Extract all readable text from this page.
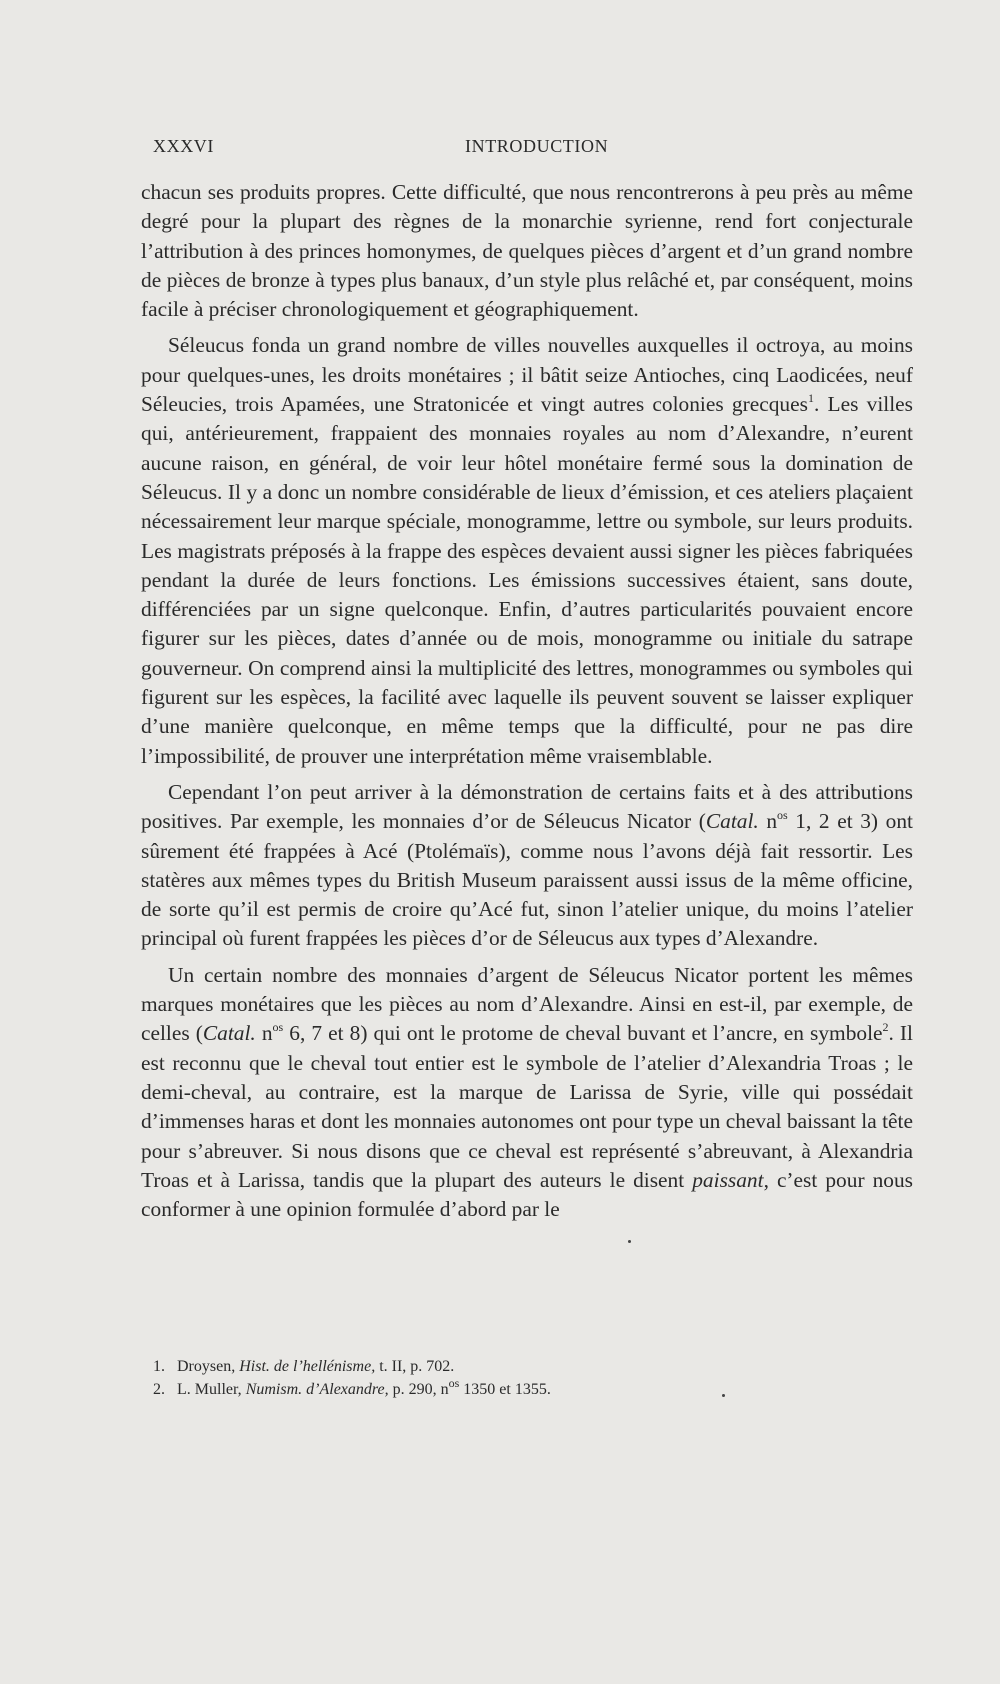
XXXVI	INTRODUCTION

chacun ses produits propres. Cette difficulté, que nous rencontrerons à peu près au même degré pour la plupart des règnes de la monarchie syrienne, rend fort conjecturale l’attribution à des princes homonymes, de quelques pièces d’argent et d’un grand nombre de pièces de bronze à types plus banaux, d’un style plus relâché et, par conséquent, moins facile à préciser chronologiquement et géographiquement.

Séleucus fonda un grand nombre de villes nouvelles auxquelles il octroya, au moins pour quelques-unes, les droits monétaires ; il bâtit seize Antioches, cinq Laodicées, neuf Séleucies, trois Apamées, une Stratonicée et vingt autres colonies grecques$^1$. Les villes qui, antérieurement, frappaient des monnaies royales au nom d’Alexandre, n’eurent aucune raison, en général, de voir leur hôtel monétaire fermé sous la domination de Séleucus. Il y a donc un nombre considérable de lieux d’émission, et ces ateliers plaçaient nécessairement leur marque spéciale, monogramme, lettre ou symbole, sur leurs produits. Les magistrats préposés à la frappe des espèces devaient aussi signer les pièces fabriquées pendant la durée de leurs fonctions. Les émissions successives étaient, sans doute, différenciées par un signe quelconque. Enfin, d’autres particularités pouvaient encore figurer sur les pièces, dates d’année ou de mois, monogramme ou initiale du satrape gouverneur. On comprend ainsi la multiplicité des lettres, monogrammes ou symboles qui figurent sur les espèces, la facilité avec laquelle ils peuvent souvent se laisser expliquer d’une manière quelconque, en même temps que la difficulté, pour ne pas dire l’impossibilité, de prouver une interprétation même vraisemblable.

Cependant l’on peut arriver à la démonstration de certains faits et à des attributions positives. Par exemple, les monnaies d’or de Séleucus Nicator (Catal. $n^{os}$ 1, 2 et 3) ont sûrement été frappées à Acé (Ptolémaïs), comme nous l’avons déjà fait ressortir. Les statères aux mêmes types du British Museum paraissent aussi issus de la même officine, de sorte qu’il est permis de croire qu’Acé fut, sinon l’atelier unique, du moins l’atelier principal où furent frappées les pièces d’or de Séleucus aux types d’Alexandre.

Un certain nombre des monnaies d’argent de Séleucus Nicator portent les mêmes marques monétaires que les pièces au nom d’Alexandre. Ainsi en est-il, par exemple, de celles (Catal. $n^{os}$ 6, 7 et 8) qui ont le protome de cheval buvant et l’ancre, en symbole$^2$. Il est reconnu que le cheval tout entier est le symbole de l’atelier d’Alexandria Troas ; le demi-cheval, au contraire, est la marque de Larissa de Syrie, ville qui possédait d’immenses haras et dont les monnaies autonomes ont pour type un cheval baissant la tête pour s’abreuver. Si nous disons que ce cheval est représenté s’abreuvant, à Alexandria Troas et à Larissa, tandis que la plupart des auteurs le disent paissant, c’est pour nous conformer à une opinion formulée d’abord par le

1. Droysen, Hist. de l’hellénisme, t. II, p. 702.
2. L. Muller, Numism. d’Alexandre, p. 290, $n^{os}$ 1350 et 1355.
